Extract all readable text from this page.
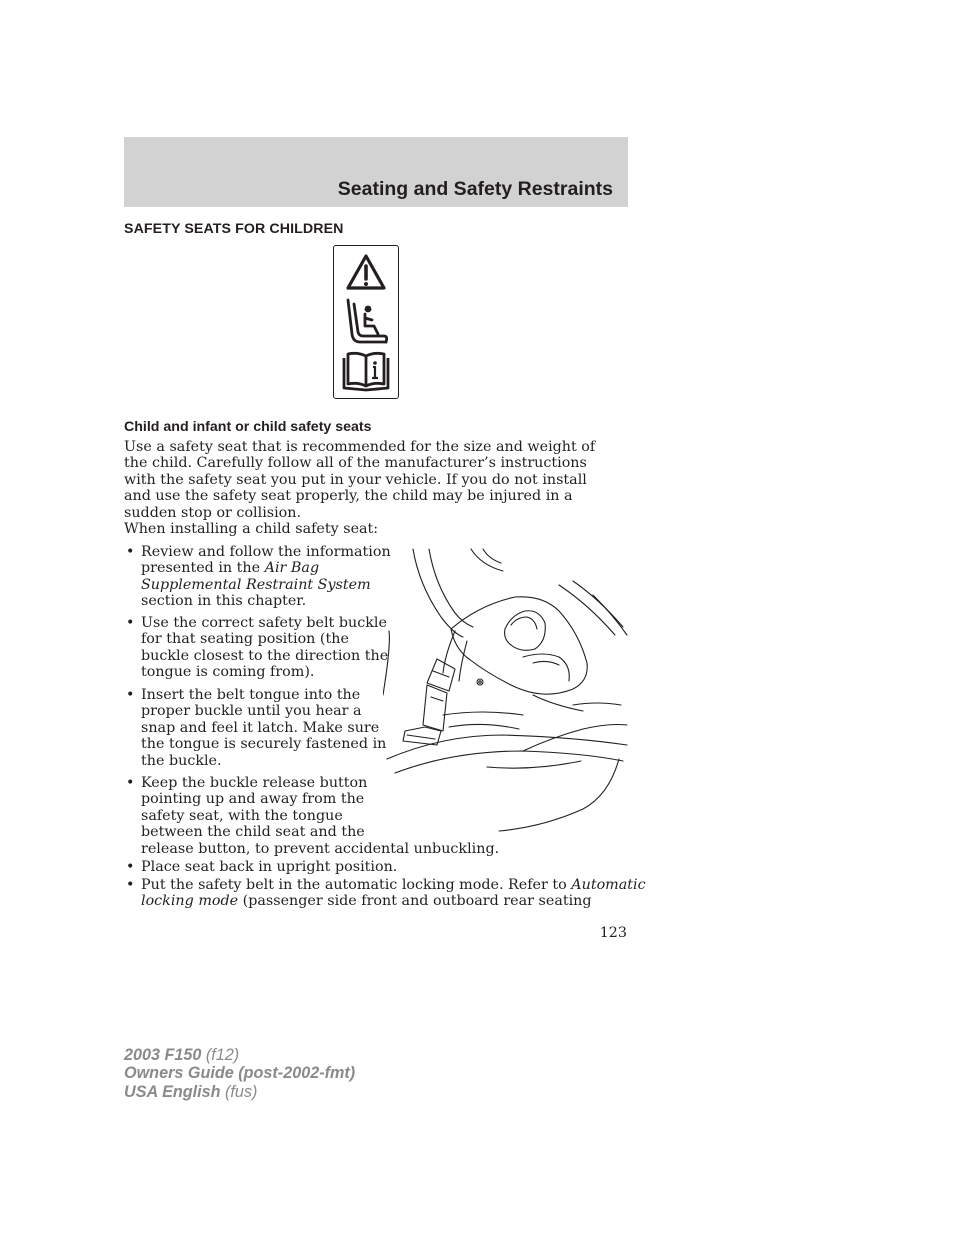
Seating and Safety Restraints
SAFETY SEATS FOR CHILDREN
Child and infant or child safety seats
Use a safety seat that is recommended for the size and weight of the child. Carefully follow all of the manufacturer’s instructions with the safety seat you put in your vehicle. If you do not install and use the safety seat properly, the child may be injured in a sudden stop or collision.
When installing a child safety seat:
• Review and follow the information
presented in the Air Bag
Supplemental Restraint System
section in this chapter.
• Use the correct safety belt buckle
for that seating position (the
buckle closest to the direction the
tongue is coming from).
• Insert the belt tongue into the
proper buckle until you hear a
snap and feel it latch. Make sure
the tongue is securely fastened in
the buckle.
• Keep the buckle release button
pointing up and away from the
safety seat, with the tongue
between the child seat and the
release button, to prevent accidental unbuckling.
• Place seat back in upright position.
• Put the safety belt in the automatic locking mode. Refer to Automatic
locking mode (passenger side front and outboard rear seating
123
2003 F150 (f12)
Owners Guide (post-2002-fmt)
USA English (fus)
